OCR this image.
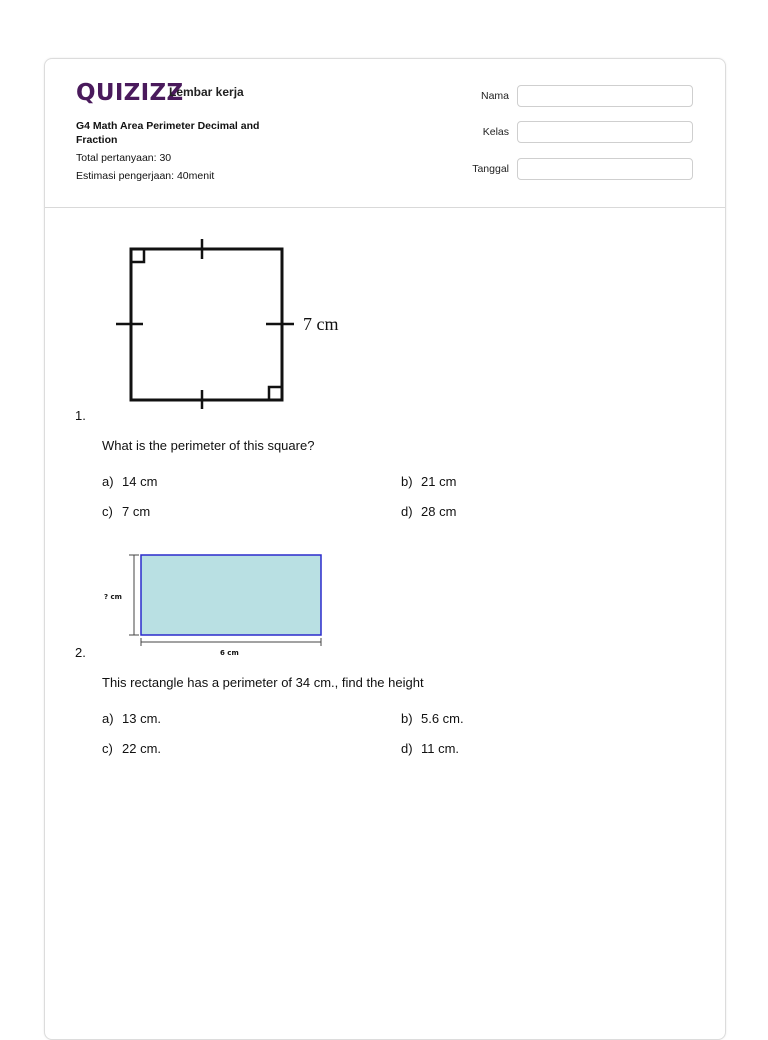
QUIZIZZ
Lembar kerja
G4 Math Area Perimeter Decimal and Fraction
Total pertanyaan: 30
Estimasi pengerjaan: 40menit
Nama
Kelas
Tanggal
7 cm
1.
What is the perimeter of this square?
a) 14 cm	b) 21 cm
c) 7 cm	d) 28 cm
? cm
6 cm
2.
This rectangle has a perimeter of 34 cm., find the height
a) 13 cm.	b) 5.6 cm.
c) 22 cm.	d) 11 cm.
